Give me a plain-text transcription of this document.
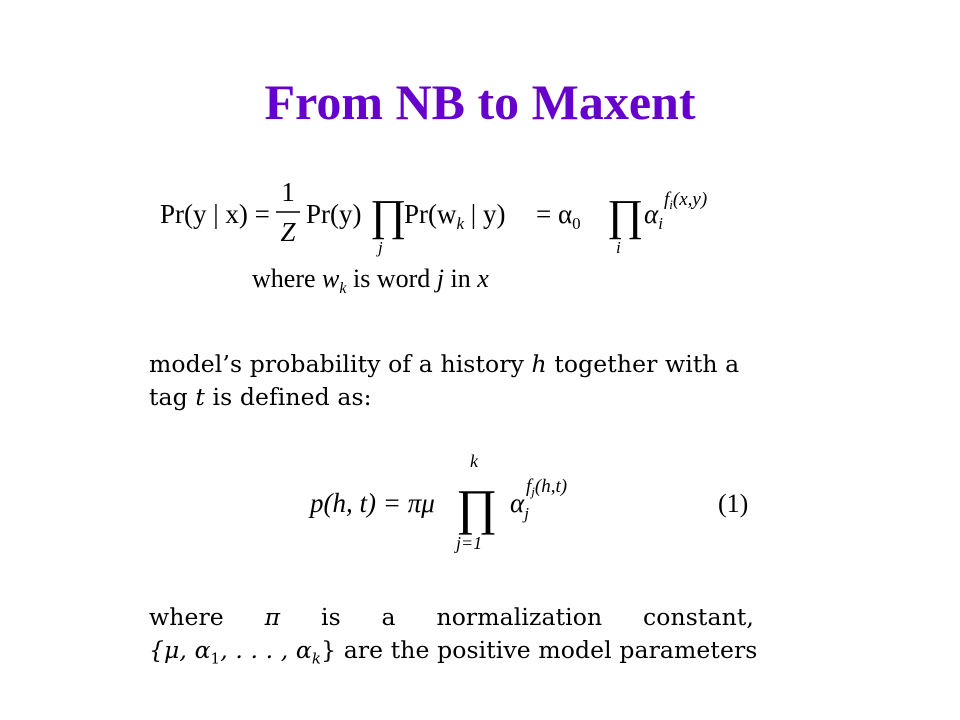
From NB to Maxent
Pr(y | x) =
1
Z
Pr(y) ∏
j
$Pr(w_k$ | $y) = \alpha_0$ ∏
i
$\alpha_i$
$f_i(x,y)$
where $w_k$ is word j in x
model’s probability of a history h together with a
tag t is defined as:
p(h, t) = πμ ∏
k
j=1
$\alpha_j$
$f_j(h,t)$
(1)
where π is a normalization constant,
{μ, $\alpha_1$, . . . , $\alpha_k$} are the positive model parameters
